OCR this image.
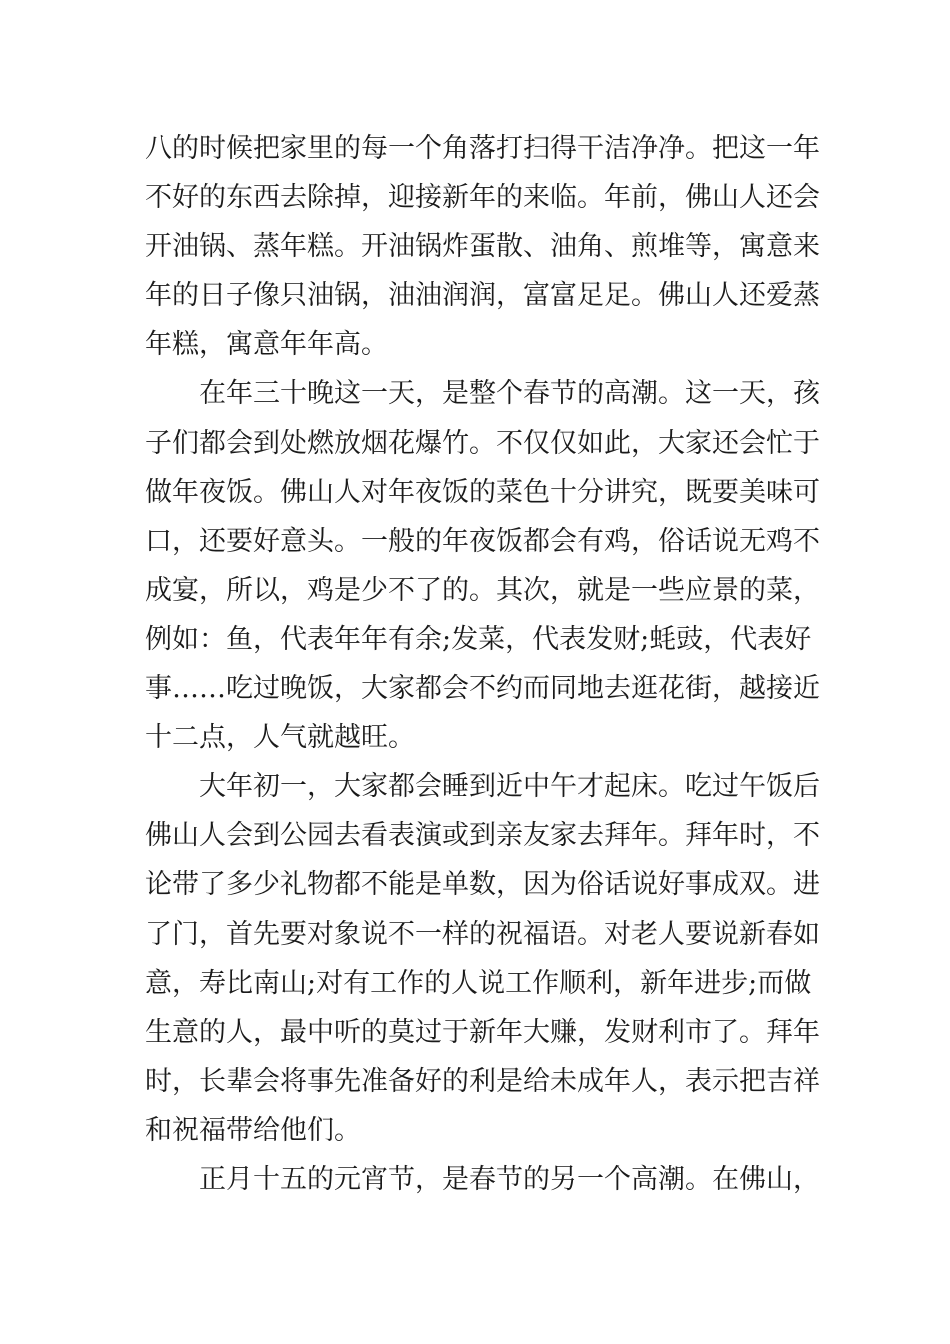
八的时候把家里的每一个角落打扫得干洁净净。把这一年
不好的东西去除掉，迎接新年的来临。年前，佛山人还会
开油锅、蒸年糕。开油锅炸蛋散、油角、煎堆等，寓意来
年的日子像只油锅，油油润润，富富足足。佛山人还爱蒸
年糕，寓意年年高。
在年三十晚这一天，是整个春节的高潮。这一天，孩
子们都会到处燃放烟花爆竹。不仅仅如此，大家还会忙于
做年夜饭。佛山人对年夜饭的菜色十分讲究，既要美味可
口，还要好意头。一般的年夜饭都会有鸡，俗话说无鸡不
成宴，所以，鸡是少不了的。其次，就是一些应景的菜，
例如：鱼，代表年年有余;发菜，代表发财;蚝豉，代表好
事……吃过晚饭，大家都会不约而同地去逛花街，越接近
十二点，人气就越旺。
大年初一，大家都会睡到近中午才起床。吃过午饭后
佛山人会到公园去看表演或到亲友家去拜年。拜年时，不
论带了多少礼物都不能是单数，因为俗话说好事成双。进
了门，首先要对象说不一样的祝福语。对老人要说新春如
意，寿比南山;对有工作的人说工作顺利，新年进步;而做
生意的人，最中听的莫过于新年大赚，发财利市了。拜年
时，长辈会将事先准备好的利是给未成年人，表示把吉祥
和祝福带给他们。
正月十五的元宵节，是春节的另一个高潮。在佛山，
